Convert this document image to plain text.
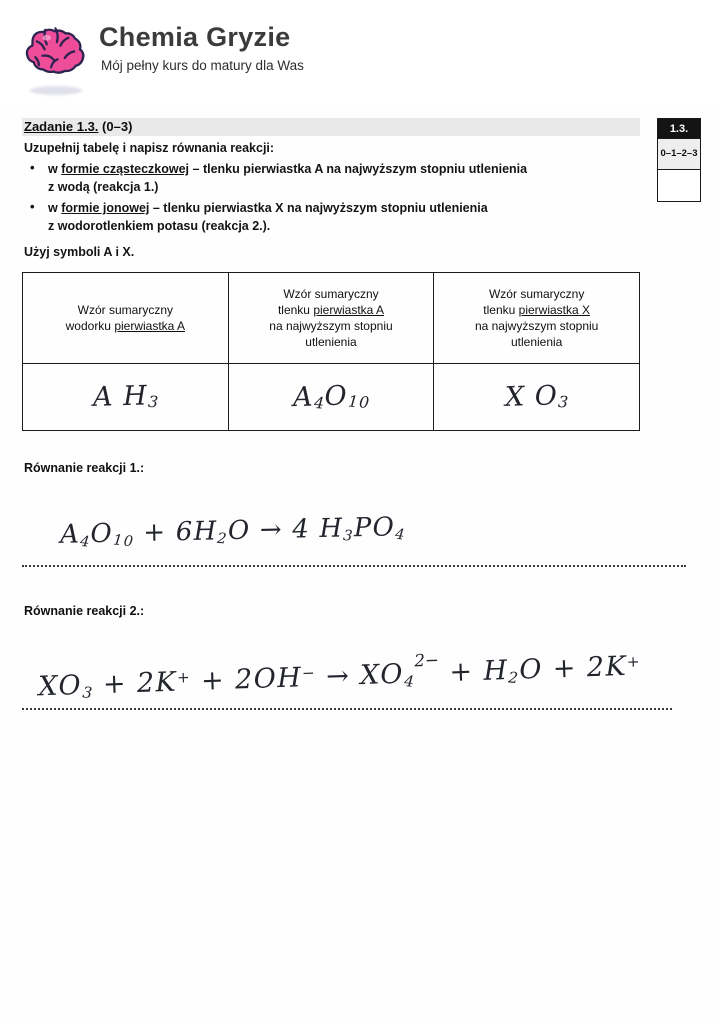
Chemia Gryzie
Mój pełny kurs do matury dla Was
Zadanie 1.3. (0–3)
Uzupełnij tabelę i napisz równania reakcji:
• w formie cząsteczkowej – tlenku pierwiastka A na najwyższym stopniu utlenienia
z wodą (reakcja 1.)
• w formie jonowej – tlenku pierwiastka X na najwyższym stopniu utlenienia
z wodorotlenkiem potasu (reakcja 2.).
Użyj symboli A i X.
1.3.
0–1–2–3
Wzór sumaryczny
wodorku pierwiastka A	Wzór sumaryczny
tlenku pierwiastka A
na najwyższym stopniu
utlenienia	Wzór sumaryczny
tlenku pierwiastka X
na najwyższym stopniu
utlenienia
A $H_3$	$A_4O_{10}$	X $O_3$
Równanie reakcji 1.:
$A_4O_{10} + 6H_2O \to 4$ $H_3PO_4$
Równanie reakcji 2.:
$XO_3 + 2K^+ + 2OH^- \to XO_42- + H_2O + 2K^+$
